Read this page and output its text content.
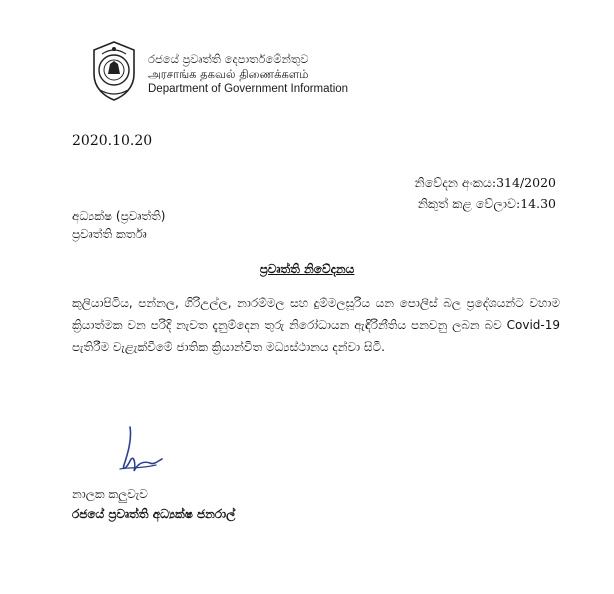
රජයේ ප්‍රවෘත්ති දෙපාර්තමේන්තුව
அரசாங்க தகவல் திணைக்களம்
Department of Government Information
2020.10.20
නිවේදන අංකය:314/2020
නිකුත් කළ වේලාව:14.30
අධ්‍යක්ෂ (ප්‍රවෘත්ති)
ප්‍රවෘත්ති කර්තෘ
ප්‍රවෘත්ති නිවේදනය
කුලියාපිටිය, පන්නල, ගිරිඋල්ල, නාරම්මල සහ දුම්මලසූරිය යන පොලිස් බල ප්‍රදේශයන්ට වහාම ක්‍රියාත්මක වන පරිදි නැවත දැනුම්දෙන තුරු නිරෝධායන ඇඳිරිනීතිය පනවනු ලබන බව Covid-19 පැතිරීම වැළැක්වීමේ ජාතික ක්‍රියාන්විත මධ්‍යස්ථානය දන්වා සිටී.
නාලක කලුවැව
රජයේ ප්‍රවෘත්ති අධ්‍යක්ෂ ජනරාල්
